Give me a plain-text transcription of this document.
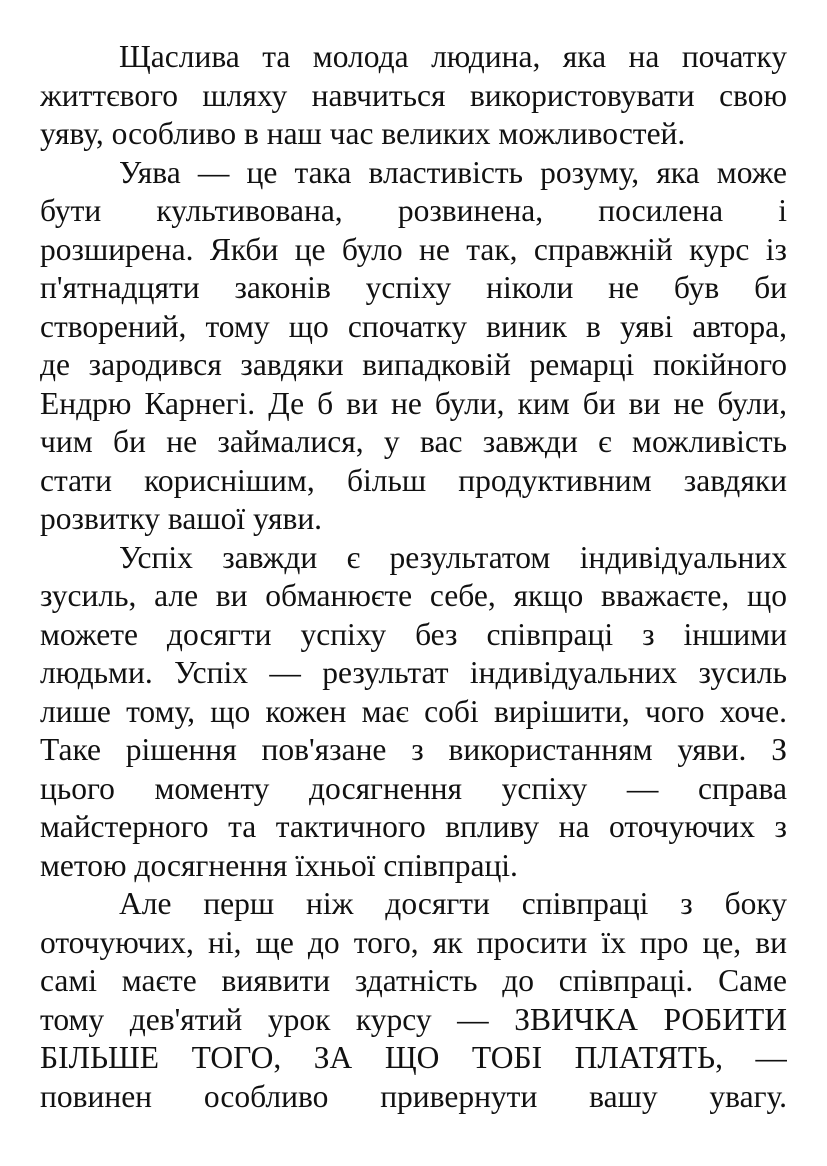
Щаслива та молода людина, яка на початку
життєвого шляху навчиться використовувати свою
уяву, особливо в наш час великих можливостей.
Уява — це така властивість розуму, яка може
бути культивована, розвинена, посилена і
розширена. Якби це було не так, справжній курс із
п'ятнадцяти законів успіху ніколи не був би
створений, тому що спочатку виник в уяві автора,
де зародився завдяки випадковій ремарці покійного
Ендрю Карнегі. Де б ви не були, ким би ви не були,
чим би не займалися, у вас завжди є можливість
стати кориснішим, більш продуктивним завдяки
розвитку вашої уяви.
Успіх завжди є результатом індивідуальних
зусиль, але ви обманюєте себе, якщо вважаєте, що
можете досягти успіху без співпраці з іншими
людьми. Успіх — результат індивідуальних зусиль
лише тому, що кожен має собі вирішити, чого хоче.
Таке рішення пов'язане з використанням уяви. З
цього моменту досягнення успіху — справа
майстерного та тактичного впливу на оточуючих з
метою досягнення їхньої співпраці.
Але перш ніж досягти співпраці з боку
оточуючих, ні, ще до того, як просити їх про це, ви
самі маєте виявити здатність до співпраці. Саме
тому дев'ятий урок курсу — ЗВИЧКА РОБИТИ
БІЛЬШЕ ТОГО, ЗА ЩО ТОБІ ПЛАТЯТЬ, —
повинен особливо привернути вашу увагу.
